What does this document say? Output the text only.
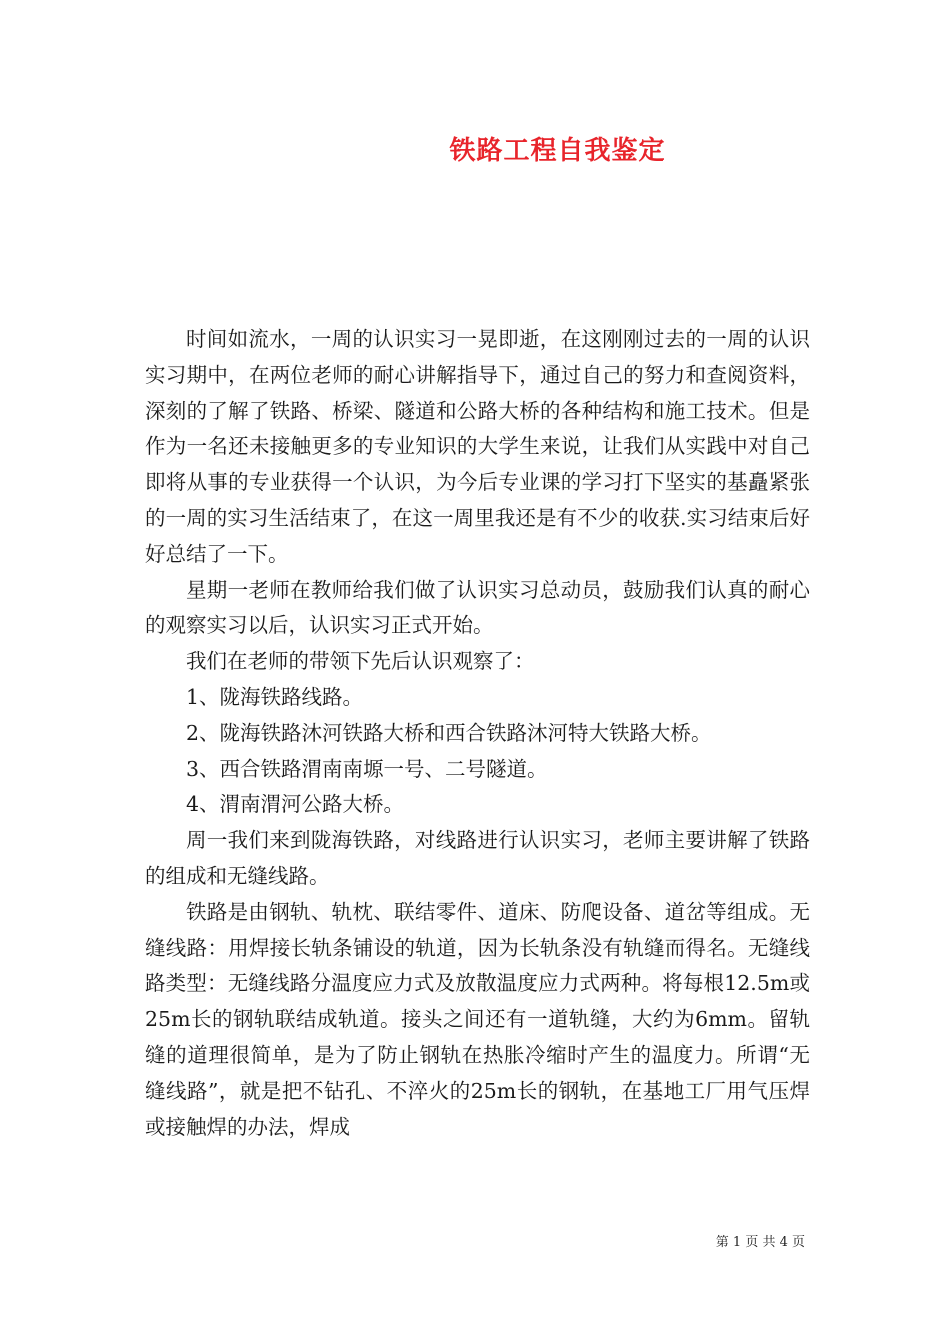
铁路工程自我鉴定

时间如流水，一周的认识实习一晃即逝，在这刚刚过去的一周的认识实习期中，在两位老师的耐心讲解指导下，通过自己的努力和查阅资料，深刻的了解了铁路、桥梁、隧道和公路大桥的各种结构和施工技术。但是作为一名还未接触更多的专业知识的大学生来说，让我们从实践中对自己即将从事的专业获得一个认识，为今后专业课的学习打下坚实的基矗紧张的一周的实习生活结束了，在这一周里我还是有不少的收获.实习结束后好好总结了一下。

星期一老师在教师给我们做了认识实习总动员，鼓励我们认真的耐心的观察实习以后，认识实习正式开始。

我们在老师的带领下先后认识观察了：

1、陇海铁路线路。

2、陇海铁路沐河铁路大桥和西合铁路沐河特大铁路大桥。

3、西合铁路渭南南塬一号、二号隧道。

4、渭南渭河公路大桥。

周一我们来到陇海铁路，对线路进行认识实习，老师主要讲解了铁路的组成和无缝线路。

铁路是由钢轨、轨枕、联结零件、道床、防爬设备、道岔等组成。无缝线路：用焊接长轨条铺设的轨道，因为长轨条没有轨缝而得名。无缝线路类型：无缝线路分温度应力式及放散温度应力式两种。将每根12.5m或25m长的钢轨联结成轨道。接头之间还有一道轨缝，大约为6mm。留轨缝的道理很简单，是为了防止钢轨在热胀冷缩时产生的温度力。所谓“无缝线路”，就是把不钻孔、不淬火的25m长的钢轨，在基地工厂用气压焊或接触焊的办法，焊成

第 1 页 共 4 页
